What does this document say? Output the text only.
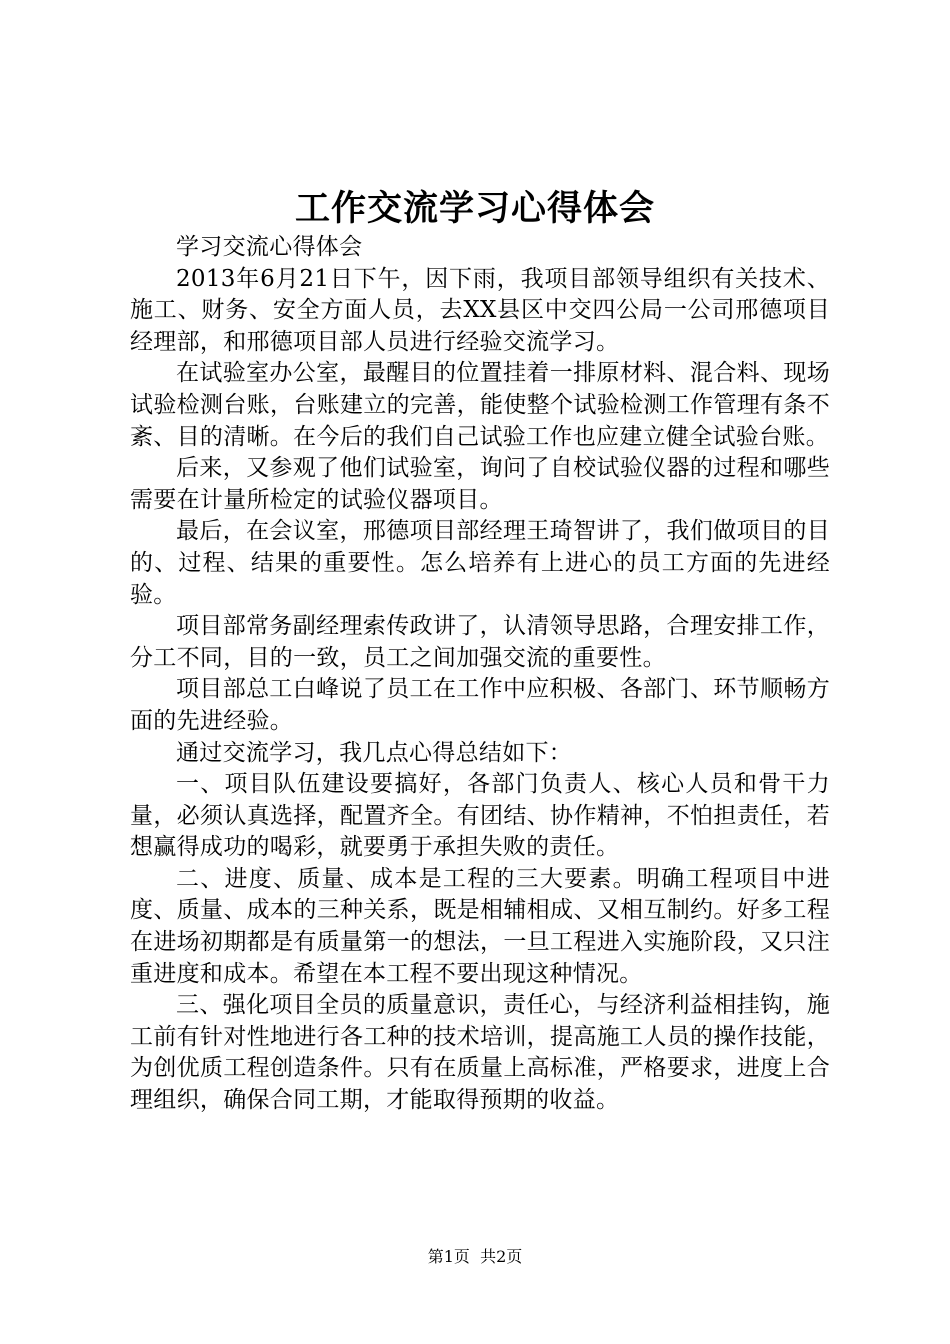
工作交流学习心得体会

学习交流心得体会

2013年6月21日下午，因下雨，我项目部领导组织有关技术、施工、财务、安全方面人员，去XX县区中交四公局一公司邢德项目经理部，和邢德项目部人员进行经验交流学习。

在试验室办公室，最醒目的位置挂着一排原材料、混合料、现场试验检测台账，台账建立的完善，能使整个试验检测工作管理有条不紊、目的清晰。在今后的我们自己试验工作也应建立健全试验台账。

后来，又参观了他们试验室，询问了自校试验仪器的过程和哪些需要在计量所检定的试验仪器项目。

最后，在会议室，邢德项目部经理王琦智讲了，我们做项目的目的、过程、结果的重要性。怎么培养有上进心的员工方面的先进经验。

项目部常务副经理索传政讲了，认清领导思路，合理安排工作，分工不同，目的一致，员工之间加强交流的重要性。

项目部总工白峰说了员工在工作中应积极、各部门、环节顺畅方面的先进经验。

通过交流学习，我几点心得总结如下：

一、项目队伍建设要搞好，各部门负责人、核心人员和骨干力量，必须认真选择，配置齐全。有团结、协作精神，不怕担责任，若想赢得成功的喝彩，就要勇于承担失败的责任。

二、进度、质量、成本是工程的三大要素。明确工程项目中进度、质量、成本的三种关系，既是相辅相成、又相互制约。好多工程在进场初期都是有质量第一的想法，一旦工程进入实施阶段，又只注重进度和成本。希望在本工程不要出现这种情况。

三、强化项目全员的质量意识，责任心，与经济利益相挂钩，施工前有针对性地进行各工种的技术培训，提高施工人员的操作技能，为创优质工程创造条件。只有在质量上高标准，严格要求，进度上合理组织，确保合同工期，才能取得预期的收益。

第1页 共2页
